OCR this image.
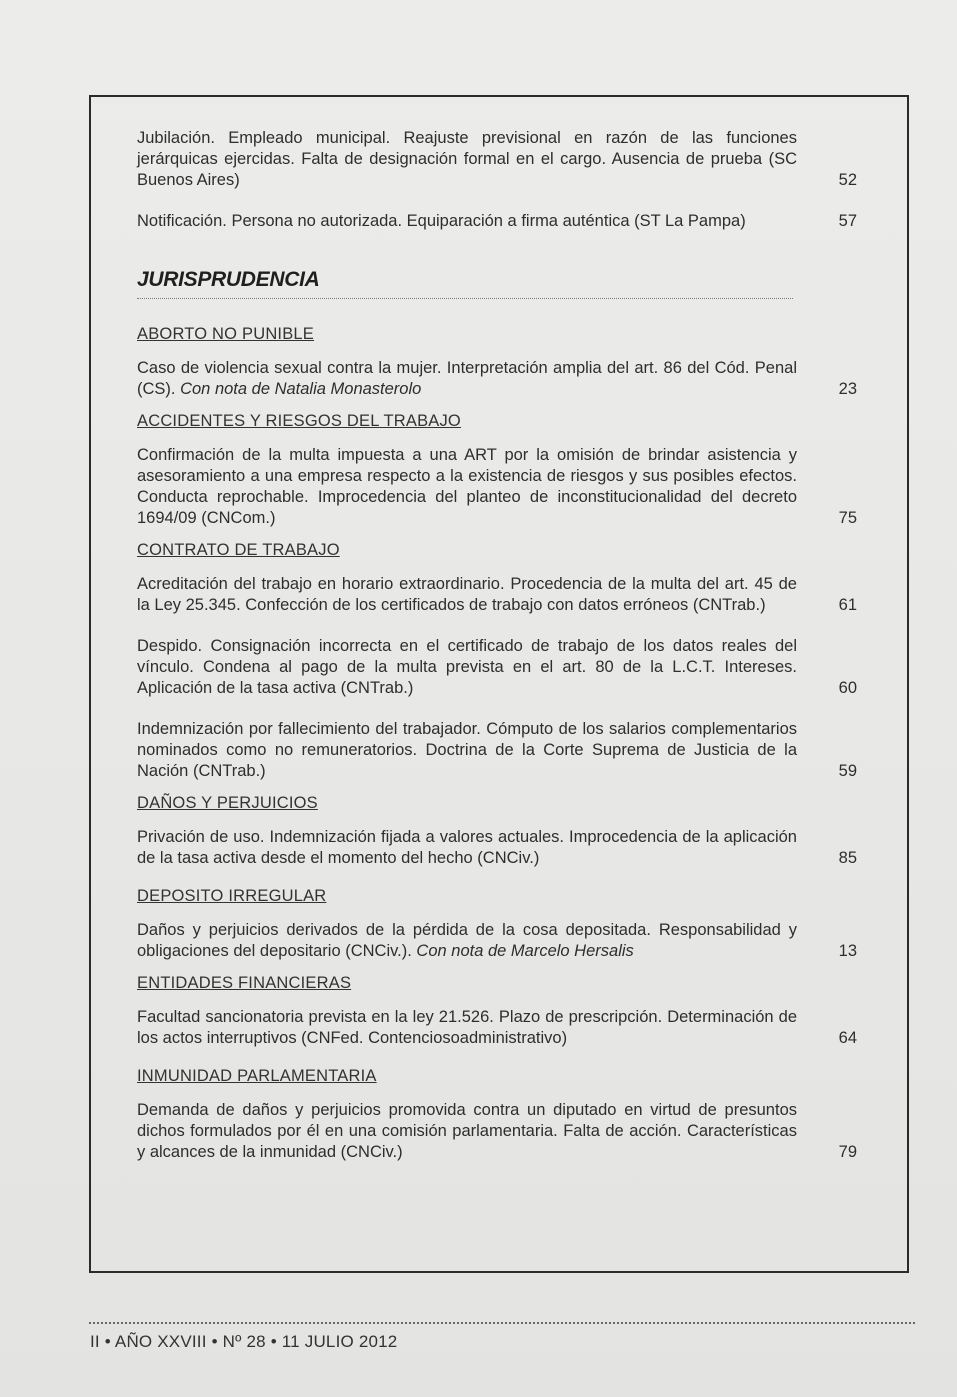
Jubilación. Empleado municipal. Reajuste previsional en razón de las funciones jerárquicas ejercidas. Falta de designación formal en el cargo. Ausencia de prueba (SC Buenos Aires)	52
Notificación. Persona no autorizada. Equiparación a firma auténtica (ST La Pampa)	57
JURISPRUDENCIA
ABORTO NO PUNIBLE
Caso de violencia sexual contra la mujer. Interpretación amplia del art. 86 del Cód. Penal (CS). Con nota de Natalia Monasterolo	23
ACCIDENTES Y RIESGOS DEL TRABAJO
Confirmación de la multa impuesta a una ART por la omisión de brindar asistencia y asesoramiento a una empresa respecto a la existencia de riesgos y sus posibles efectos. Conducta reprochable. Improcedencia del planteo de inconstitucionalidad del decreto 1694/09 (CNCom.)	75
CONTRATO DE TRABAJO
Acreditación del trabajo en horario extraordinario. Procedencia de la multa del art. 45 de la Ley 25.345. Confección de los certificados de trabajo con datos erróneos (CNTrab.)	61
Despido. Consignación incorrecta en el certificado de trabajo de los datos reales del vínculo. Condena al pago de la multa prevista en el art. 80 de la L.C.T. Intereses. Aplicación de la tasa activa (CNTrab.)	60
Indemnización por fallecimiento del trabajador. Cómputo de los salarios complementarios nominados como no remuneratorios. Doctrina de la Corte Suprema de Justicia de la Nación (CNTrab.)	59
DAÑOS Y PERJUICIOS
Privación de uso. Indemnización fijada a valores actuales. Improcedencia de la aplicación de la tasa activa desde el momento del hecho (CNCiv.)	85
DEPOSITO IRREGULAR
Daños y perjuicios derivados de la pérdida de la cosa depositada. Responsabilidad y obligaciones del depositario (CNCiv.). Con nota de Marcelo Hersalis	13
ENTIDADES FINANCIERAS
Facultad sancionatoria prevista en la ley 21.526. Plazo de prescripción. Determinación de los actos interruptivos (CNFed. Contenciosoadministrativo)	64
INMUNIDAD PARLAMENTARIA
Demanda de daños y perjuicios promovida contra un diputado en virtud de presuntos dichos formulados por él en una comisión parlamentaria. Falta de acción. Características y alcances de la inmunidad (CNCiv.)	79
II • AÑO XXVIII • Nº 28 • 11 JULIO 2012
